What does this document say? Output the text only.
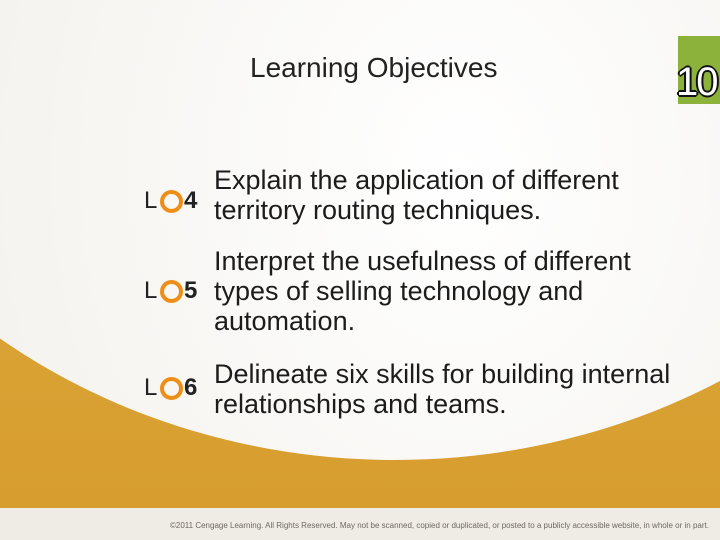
Learning Objectives	10
L 4
Explain the application of different territory routing techniques.
L 5
Interpret the usefulness of different types of selling technology and automation.
L 6 Delineate six skills for building internal relationships and teams.
©2011 Cengage Learning. All Rights Reserved. May not be scanned, copied or duplicated, or posted to a publicly accessible website, in whole or in part.
